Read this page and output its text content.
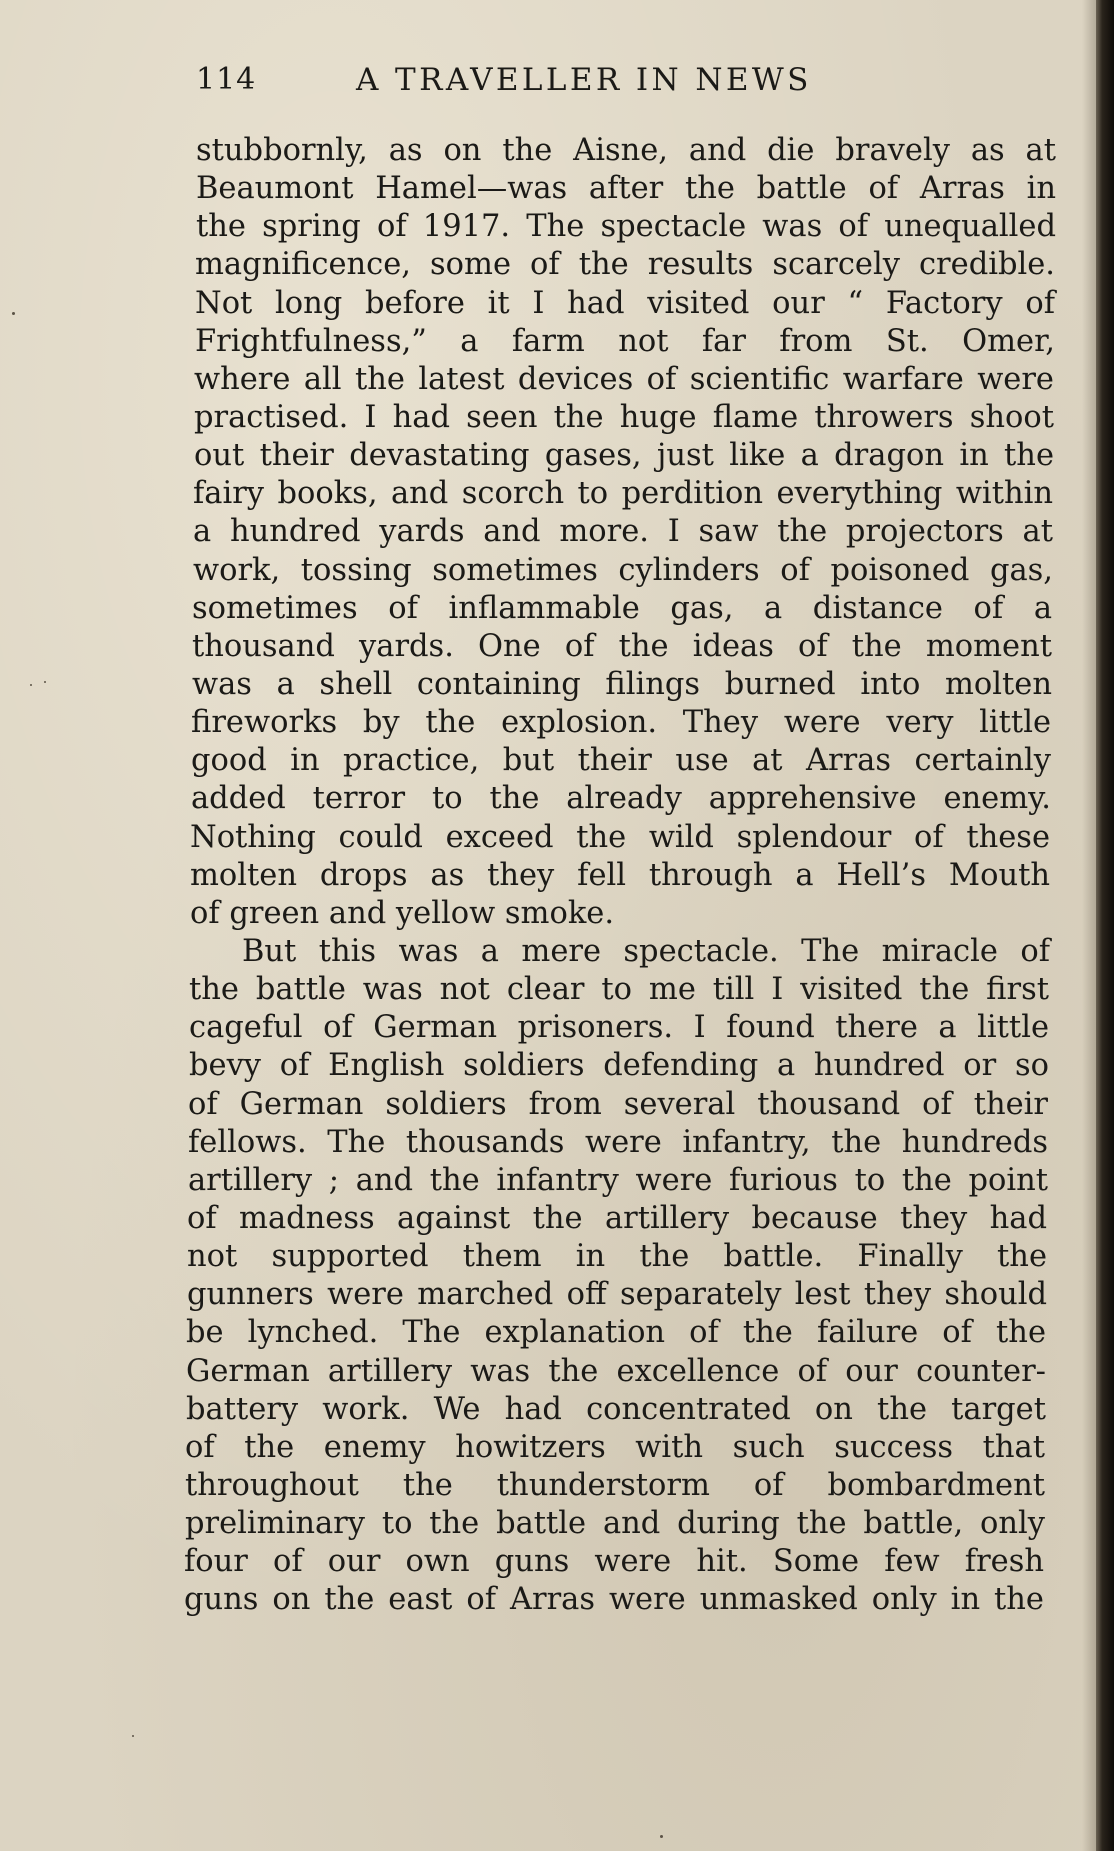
114	A TRAVELLER IN NEWS
stubbornly, as on the Aisne, and die bravely as at
Beaumont Hamel—was after the battle of Arras in
the spring of 1917. The spectacle was of unequalled
magnificence, some of the results scarcely credible.
Not long before it I had visited our “ Factory of
Frightfulness,” a farm not far from St. Omer,
where all the latest devices of scientific warfare were
practised. I had seen the huge flame throwers shoot
out their devastating gases, just like a dragon in the
fairy books, and scorch to perdition everything within
a hundred yards and more. I saw the projectors at
work, tossing sometimes cylinders of poisoned gas,
sometimes of inflammable gas, a distance of a
thousand yards. One of the ideas of the moment
was a shell containing filings burned into molten
fireworks by the explosion. They were very little
good in practice, but their use at Arras certainly
added terror to the already apprehensive enemy.
Nothing could exceed the wild splendour of these
molten drops as they fell through a Hell’s Mouth
of green and yellow smoke.
But this was a mere spectacle. The miracle of
the battle was not clear to me till I visited the first
cageful of German prisoners. I found there a little
bevy of English soldiers defending a hundred or so
of German soldiers from several thousand of their
fellows. The thousands were infantry, the hundreds
artillery ; and the infantry were furious to the point
of madness against the artillery because they had
not supported them in the battle. Finally the
gunners were marched off separately lest they should
be lynched. The explanation of the failure of the
German artillery was the excellence of our counter-
battery work. We had concentrated on the target
of the enemy howitzers with such success that
throughout the thunderstorm of bombardment
preliminary to the battle and during the battle, only
four of our own guns were hit. Some few fresh
guns on the east of Arras were unmasked only in the
